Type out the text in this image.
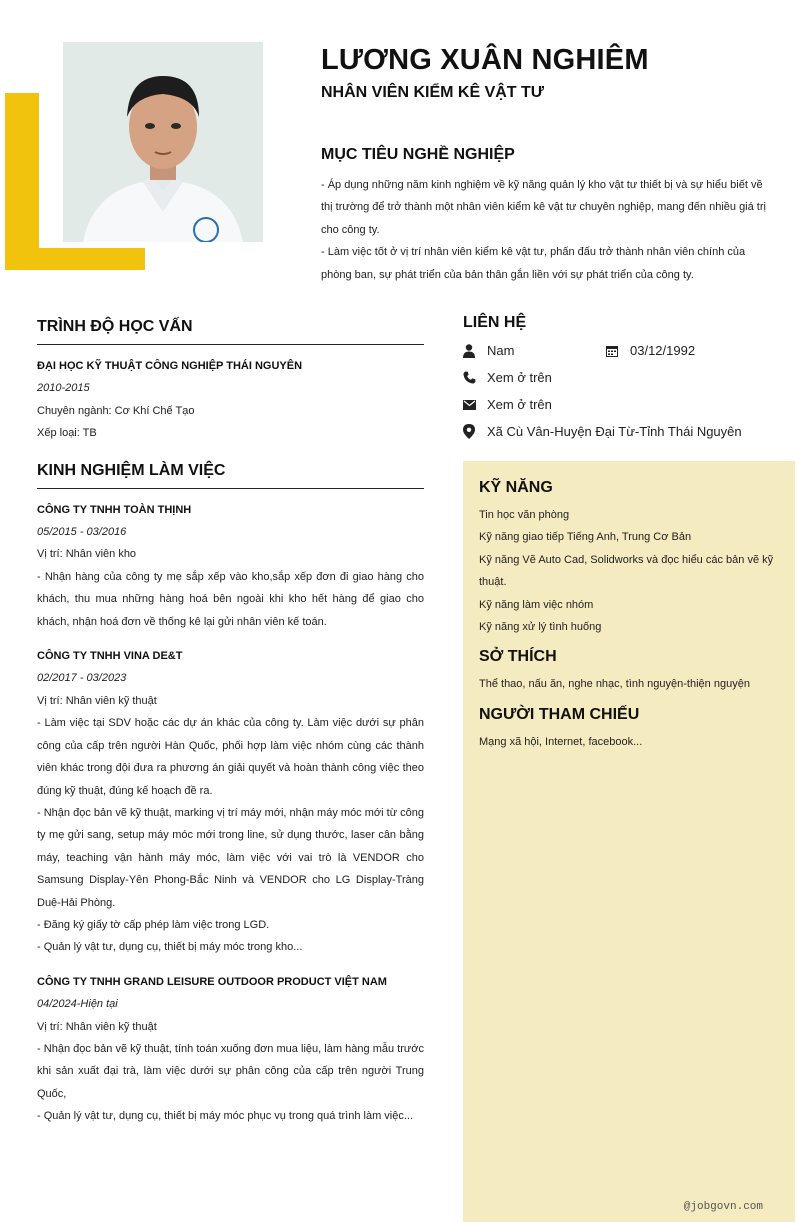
LƯƠNG XUÂN NGHIÊM
NHÂN VIÊN KIỂM KÊ VẬT TƯ
MỤC TIÊU NGHỀ NGHIỆP
- Áp dụng những năm kinh nghiệm về kỹ năng quản lý kho vật tư thiết bị và sự hiểu biết về thị trường để trở thành một nhân viên kiểm kê vật tư chuyên nghiệp, mang đến nhiều giá trị cho công ty.
- Làm việc tốt ở vị trí nhân viên kiểm kê vật tư, phấn đấu trở thành nhân viên chính của phòng ban, sự phát triển của bản thân gắn liền với sự phát triển của công ty.
TRÌNH ĐỘ HỌC VẤN
ĐẠI HỌC KỸ THUẬT CÔNG NGHIỆP THÁI NGUYÊN
2010-2015
Chuyên ngành: Cơ Khí Chế Tạo
Xếp loại: TB
KINH NGHIỆM LÀM VIỆC
CÔNG TY TNHH TOÀN THỊNH
05/2015 - 03/2016
Vị trí: Nhân viên kho
- Nhận hàng của công ty mẹ sắp xếp vào kho,sắp xếp đơn đi giao hàng cho khách, thu mua những hàng hoá bên ngoài khi kho hết hàng để giao cho khách, nhận hoá đơn về thống kê lại gửi nhân viên kế toán.
CÔNG TY TNHH VINA DE&T
02/2017 - 03/2023
Vị trí: Nhân viên kỹ thuật
- Làm việc tại SDV hoặc các dự án khác của công ty. Làm việc dưới sự phân công của cấp trên người Hàn Quốc, phối hợp làm việc nhóm cùng các thành viên khác trong đội đưa ra phương án giải quyết và hoàn thành công việc theo đúng kỹ thuật, đúng kế hoạch đề ra.
- Nhận đọc bản vẽ kỹ thuật, marking vị trí máy mới, nhận máy móc mới từ công ty mẹ gửi sang, setup máy móc mới trong line, sử dụng thước, laser cân bằng máy, teaching vận hành máy móc, làm việc với vai trò là VENDOR cho Samsung Display-Yên Phong-Bắc Ninh và VENDOR cho LG Display-Tràng Duệ-Hải Phòng.
- Đăng ký giấy tờ cấp phép làm việc trong LGD.
- Quản lý vật tư, dụng cụ, thiết bị máy móc trong kho...
CÔNG TY TNHH GRAND LEISURE OUTDOOR PRODUCT VIỆT NAM
04/2024-Hiện tại
Vị trí: Nhân viên kỹ thuật
- Nhận đọc bản vẽ kỹ thuật, tính toán xuống đơn mua liệu, làm hàng mẫu trước khi sản xuất đại trà, làm việc dưới sự phân công của cấp trên người Trung Quốc,
- Quản lý vật tư, dụng cụ, thiết bị máy móc phục vụ trong quá trình làm việc...
LIÊN HỆ
Nam	03/12/1992
Xem ở trên
Xem ở trên
Xã Cù Vân-Huyện Đại Từ-Tỉnh Thái Nguyên
KỸ NĂNG
Tin học văn phòng
Kỹ năng giao tiếp Tiếng Anh, Trung Cơ Bản
Kỹ năng Vẽ Auto Cad, Solidworks và đọc hiểu các bản vẽ kỹ thuật.
Kỹ năng làm việc nhóm
Kỹ năng xử lý tình huống
SỞ THÍCH
Thể thao, nấu ăn, nghe nhạc, tình nguyện-thiện nguyện
NGƯỜI THAM CHIẾU
Mạng xã hội, Internet, facebook...
@jobgovn.com
